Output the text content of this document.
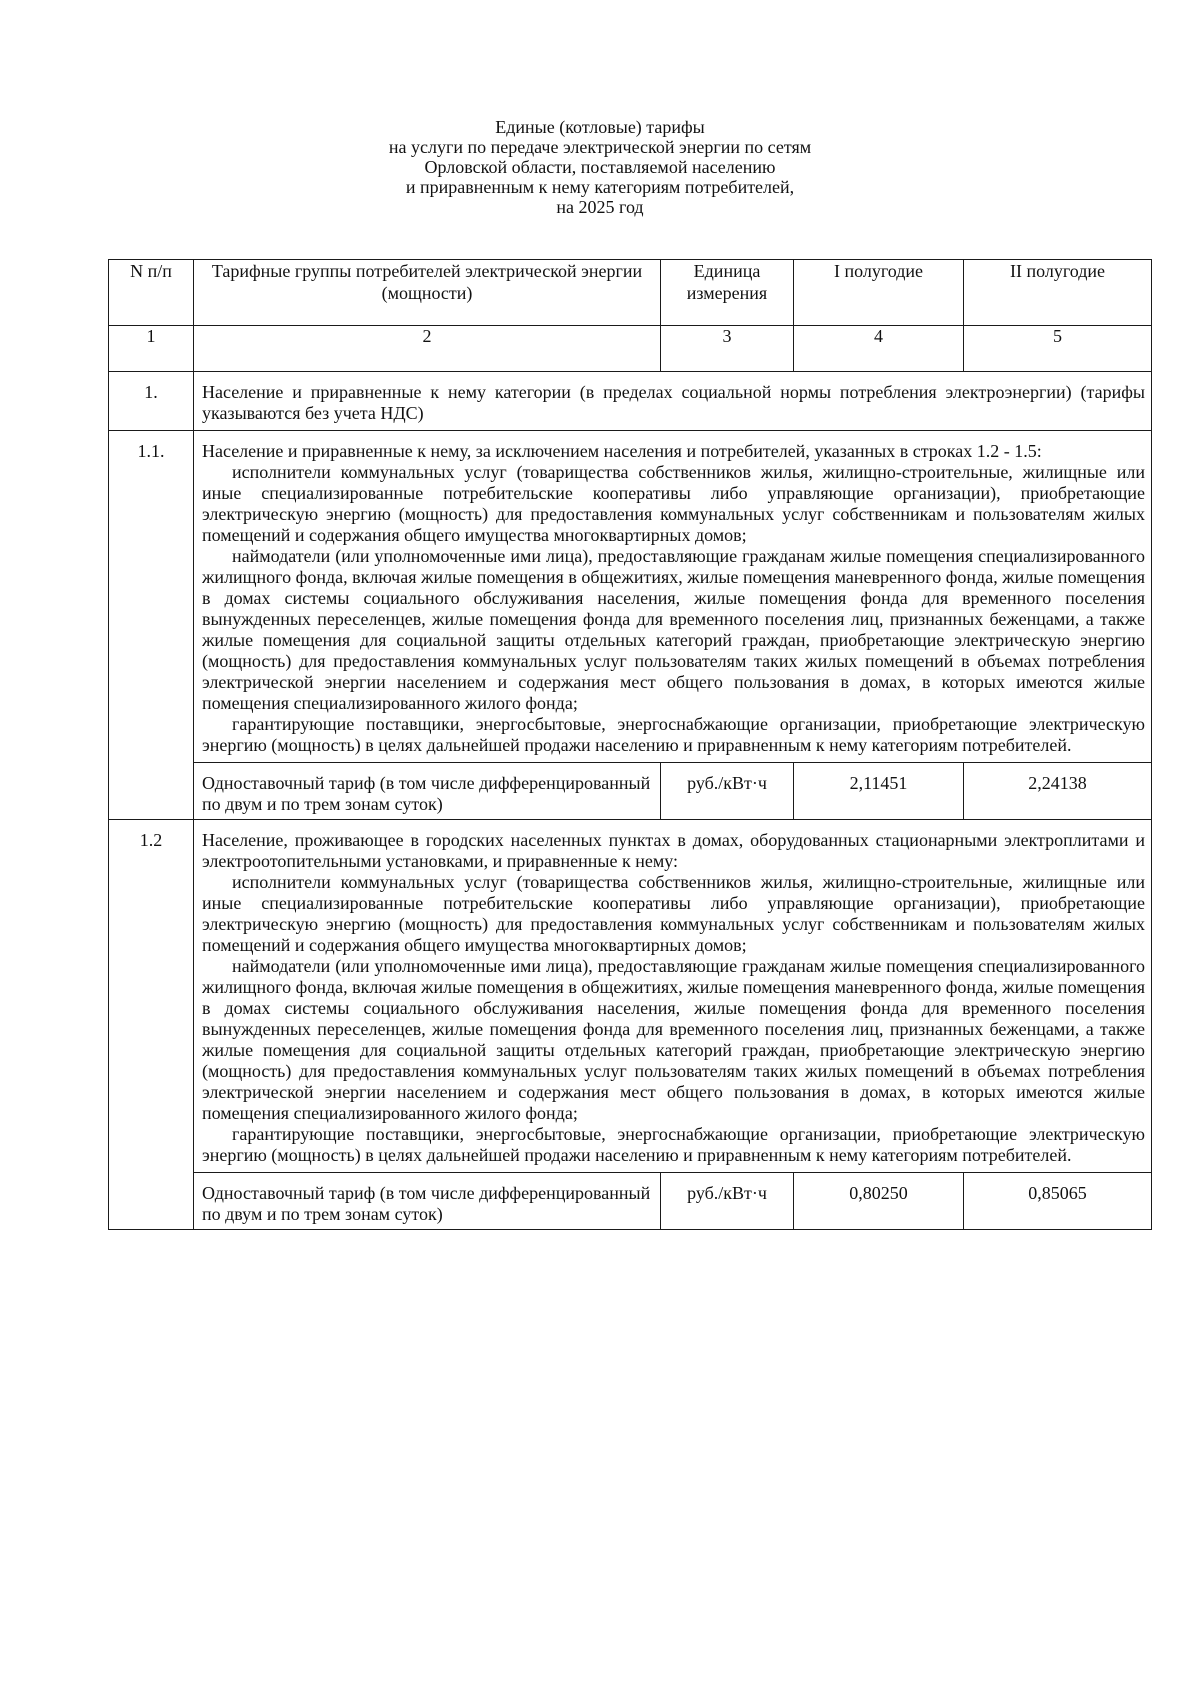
Единые (котловые) тарифы
на услуги по передаче электрической энергии по сетям
Орловской области, поставляемой населению
и приравненным к нему категориям потребителей,
на 2025 год
N п/п	Тарифные группы потребителей электрической энергии (мощности)	Единица измерения	I полугодие	II полугодие
1	2	3	4	5
1.	Население и приравненные к нему категории (в пределах социальной нормы потребления электроэнергии) (тарифы указываются без учета НДС)			
1.1.	Население и приравненные к нему, за исключением населения и потребителей, указанных в строках 1.2 - 1.5:

исполнители коммунальных услуг (товарищества собственников жилья, жилищно-строительные, жилищные или иные специализированные потребительские кооперативы либо управляющие организации), приобретающие электрическую энергию (мощность) для предоставления коммунальных услуг собственникам и пользователям жилых помещений и содержания общего имущества многоквартирных домов;

наймодатели (или уполномоченные ими лица), предоставляющие гражданам жилые помещения специализированного жилищного фонда, включая жилые помещения в общежитиях, жилые помещения маневренного фонда, жилые помещения в домах системы социального обслуживания населения, жилые помещения фонда для временного поселения вынужденных переселенцев, жилые помещения фонда для временного поселения лиц, признанных беженцами, а также жилые помещения для социальной защиты отдельных категорий граждан, приобретающие электрическую энергию (мощность) для предоставления коммунальных услуг пользователям таких жилых помещений в объемах потребления электрической энергии населением и содержания мест общего пользования в домах, в которых имеются жилые помещения специализированного жилого фонда;

гарантирующие поставщики, энергосбытовые, энергоснабжающие организации, приобретающие электрическую энергию (мощность) в целях дальнейшей продажи населению и приравненным к нему категориям потребителей.			

	Одноставочный тариф (в том числе дифференцированный по двум и по трем зонам суток)	руб./кВт·ч	2,11451	2,24138
1.2	Население, проживающее в городских населенных пунктах в домах, оборудованных стационарными электроплитами и электроотопительными установками, и приравненные к нему:

исполнители коммунальных услуг (товарищества собственников жилья, жилищно-строительные, жилищные или иные специализированные потребительские кооперативы либо управляющие организации), приобретающие электрическую энергию (мощность) для предоставления коммунальных услуг собственникам и пользователям жилых помещений и содержания общего имущества многоквартирных домов;

наймодатели (или уполномоченные ими лица), предоставляющие гражданам жилые помещения специализированного жилищного фонда, включая жилые помещения в общежитиях, жилые помещения маневренного фонда, жилые помещения в домах системы социального обслуживания населения, жилые помещения фонда для временного поселения вынужденных переселенцев, жилые помещения фонда для временного поселения лиц, признанных беженцами, а также жилые помещения для социальной защиты отдельных категорий граждан, приобретающие электрическую энергию (мощность) для предоставления коммунальных услуг пользователям таких жилых помещений в объемах потребления электрической энергии населением и содержания мест общего пользования в домах, в которых имеются жилые помещения специализированного жилого фонда;

гарантирующие поставщики, энергосбытовые, энергоснабжающие организации, приобретающие электрическую энергию (мощность) в целях дальнейшей продажи населению и приравненным к нему категориям потребителей.			

	Одноставочный тариф (в том числе дифференцированный по двум и по трем зонам суток)	руб./кВт·ч	0,80250	0,85065
